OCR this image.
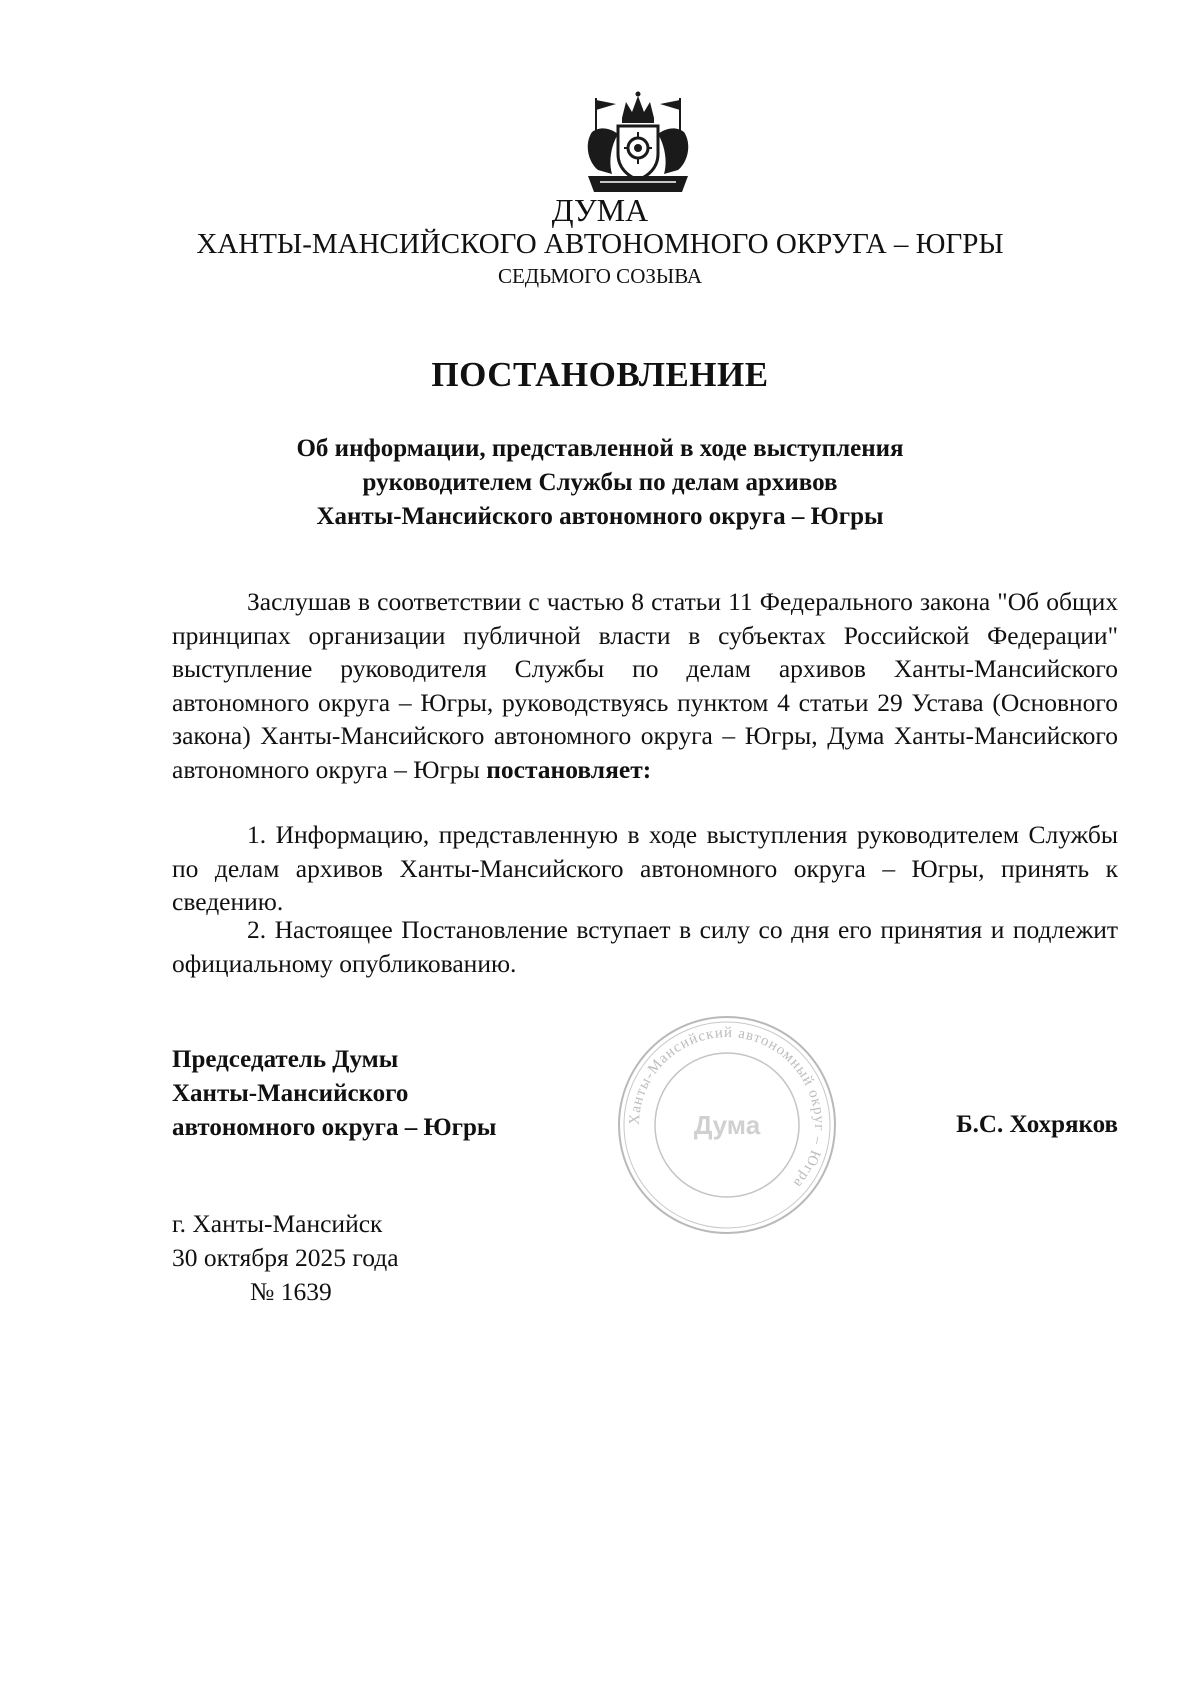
ДУМА
ХАНТЫ-МАНСИЙСКОГО АВТОНОМНОГО ОКРУГА – ЮГРЫ
СЕДЬМОГО СОЗЫВА
ПОСТАНОВЛЕНИЕ
Об информации, представленной в ходе выступления
руководителем Службы по делам архивов
Ханты-Мансийского автономного округа – Югры
Заслушав в соответствии с частью 8 статьи 11 Федерального закона "Об общих принципах организации публичной власти в субъектах Российской Федерации" выступление руководителя Службы по делам архивов Ханты-Мансийского автономного округа – Югры, руководствуясь пунктом 4 статьи 29 Устава (Основного закона) Ханты-Мансийского автономного округа – Югры, Дума Ханты-Мансийского автономного округа – Югры постановляет:
1. Информацию, представленную в ходе выступления руководителем Службы по делам архивов Ханты-Мансийского автономного округа – Югры, принять к сведению.
2. Настоящее Постановление вступает в силу со дня его принятия и подлежит официальному опубликованию.
Председатель Думы
Ханты-Мансийского
автономного округа – Югры	Ханты-Мансийский автономный округ – Югра
Дума	Б.С. Хохряков
г. Ханты-Мансийск
30 октября 2025 года
№ 1639
